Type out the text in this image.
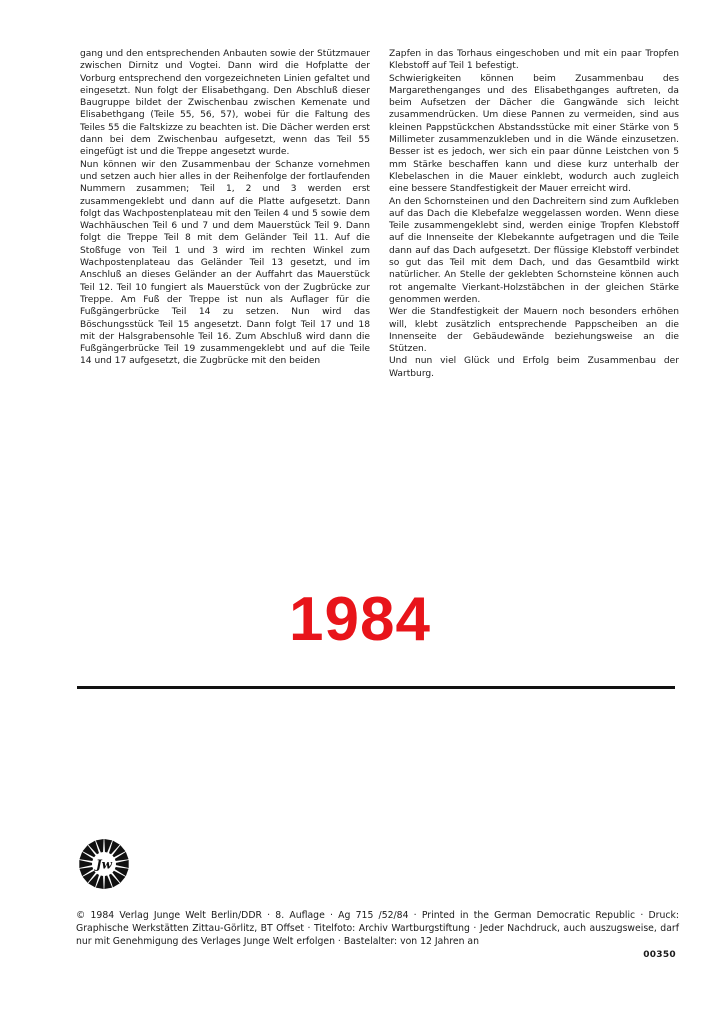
gang und den entsprechenden Anbauten sowie der Stützmauer zwischen Dirnitz und Vogtei. Dann wird die Hofplatte der Vorburg entsprechend den vorgezeichneten Linien gefaltet und eingesetzt. Nun folgt der Elisabethgang. Den Abschluß dieser Baugruppe bildet der Zwischenbau zwischen Kemenate und Elisabethgang (Teile 55, 56, 57), wobei für die Faltung des Teiles 55 die Faltskizze zu beachten ist. Die Dächer werden erst dann bei dem Zwischenbau aufgesetzt, wenn das Teil 55 eingefügt ist und die Treppe angesetzt wurde.

Nun können wir den Zusammenbau der Schanze vornehmen und setzen auch hier alles in der Reihenfolge der fortlaufenden Nummern zusammen; Teil 1, 2 und 3 werden erst zusammengeklebt und dann auf die Platte aufgesetzt. Dann folgt das Wachpostenplateau mit den Teilen 4 und 5 sowie dem Wachhäuschen Teil 6 und 7 und dem Mauerstück Teil 9. Dann folgt die Treppe Teil 8 mit dem Geländer Teil 11. Auf die Stoßfuge von Teil 1 und 3 wird im rechten Winkel zum Wachpostenplateau das Geländer Teil 13 gesetzt, und im Anschluß an dieses Geländer an der Auffahrt das Mauerstück Teil 12. Teil 10 fungiert als Mauerstück von der Zugbrücke zur Treppe. Am Fuß der Treppe ist nun als Auflager für die Fußgängerbrücke Teil 14 zu setzen. Nun wird das Böschungsstück Teil 15 angesetzt. Dann folgt Teil 17 und 18 mit der Halsgrabensohle Teil 16. Zum Abschluß wird dann die Fußgängerbrücke Teil 19 zusammengeklebt und auf die Teile 14 und 17 aufgesetzt, die Zugbrücke mit den beiden

Zapfen in das Torhaus eingeschoben und mit ein paar Tropfen Klebstoff auf Teil 1 befestigt.

Schwierigkeiten können beim Zusammenbau des Margarethenganges und des Elisabethganges auftreten, da beim Aufsetzen der Dächer die Gangwände sich leicht zusammendrücken. Um diese Pannen zu vermeiden, sind aus kleinen Pappstückchen Abstandsstücke mit einer Stärke von 5 Millimeter zusammenzukleben und in die Wände einzusetzen. Besser ist es jedoch, wer sich ein paar dünne Leistchen von 5 mm Stärke beschaffen kann und diese kurz unterhalb der Klebelaschen in die Mauer einklebt, wodurch auch zugleich eine bessere Standfestigkeit der Mauer erreicht wird.

An den Schornsteinen und den Dachreitern sind zum Aufkleben auf das Dach die Klebefalze weggelassen worden. Wenn diese Teile zusammengeklebt sind, werden einige Tropfen Klebstoff auf die Innenseite der Klebekannte aufgetragen und die Teile dann auf das Dach aufgesetzt. Der flüssige Klebstoff verbindet so gut das Teil mit dem Dach, und das Gesamtbild wirkt natürlicher. An Stelle der geklebten Schornsteine können auch rot angemalte Vierkant-Holzstäbchen in der gleichen Stärke genommen werden.

Wer die Standfestigkeit der Mauern noch besonders erhöhen will, klebt zusätzlich entsprechende Pappscheiben an die Innenseite der Gebäudewände beziehungsweise an die Stützen.

Und nun viel Glück und Erfolg beim Zusammenbau der Wartburg.

1984
Jw
© 1984 Verlag Junge Welt Berlin/DDR · 8. Auflage · Ag 715 /52/84 · Printed in the German Democratic Republic · Druck: Graphische Werkstätten Zittau-Görlitz, BT Offset · Titelfoto: Archiv Wartburgstiftung · Jeder Nachdruck, auch auszugsweise, darf nur mit Genehmigung des Verlages Junge Welt erfolgen · Bastelalter: von 12 Jahren an
00350
